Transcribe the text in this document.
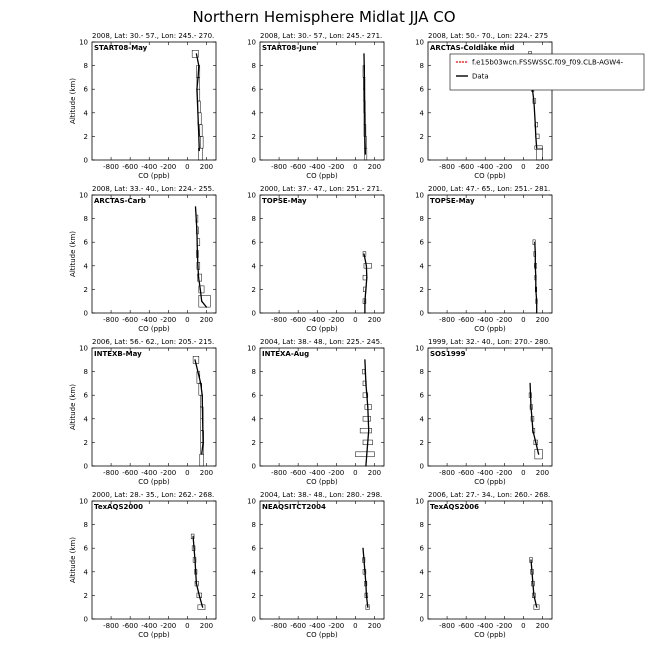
Northern Hemisphere Midlat JJA CO
-800 -600 -400 -200 0 200
0
2
4
6
8
10
CO (ppb)
Altitude (km)
2008, Lat: 30.- 57., Lon: 245.- 270.
START08-May
-800 -600 -400 -200 0 200
0
2
4
6
8
10
CO (ppb)
2008, Lat: 30.- 57., Lon: 245.- 271.
START08-June
-800 -600 -400 -200 0 200
0
2
4
6
8
10
CO (ppb)
2008, Lat: 50.- 70., Lon: 224.- 275
ARCTAS-Coldlake mid
f.e15b03wcn.FSSWSSC.f09_f09.CLB-AGW4-
Data
-800 -600 -400 -200 0 200
0
2
4
6
8
10
CO (ppb)
Altitude (km)
2008, Lat: 33.- 40., Lon: 224.- 255.
ARCTAS-Carb
-800 -600 -400 -200 0 200
0
2
4
6
8
10
CO (ppb)
2000, Lat: 37.- 47., Lon: 251.- 271.
TOPSE-May
-800 -600 -400 -200 0 200
0
2
4
6
8
10
CO (ppb)
2000, Lat: 47.- 65., Lon: 251.- 281.
TOPSE-May
-800 -600 -400 -200 0 200
0
2
4
6
8
10
CO (ppb)
Altitude (km)
2006, Lat: 56.- 62., Lon: 205.- 215.
INTEXB-May
-800 -600 -400 -200 0 200
0
2
4
6
8
10
CO (ppb)
2004, Lat: 38.- 48., Lon: 225.- 245.
INTEXA-Aug
-800 -600 -400 -200 0 200
0
2
4
6
8
10
CO (ppb)
1999, Lat: 32.- 40., Lon: 270.- 280.
SOS1999
-800 -600 -400 -200 0 200
0
2
4
6
8
10
CO (ppb)
Altitude (km)
2000, Lat: 28.- 35., Lon: 262.- 268.
TexAQS2000
-800 -600 -400 -200 0 200
0
2
4
6
8
10
CO (ppb)
2004, Lat: 38.- 48., Lon: 280.- 298.
NEAQSITCT2004
-800 -600 -400 -200 0 200
0
2
4
6
8
10
CO (ppb)
2006, Lat: 27.- 34., Lon: 260.- 268.
TexAQS2006
